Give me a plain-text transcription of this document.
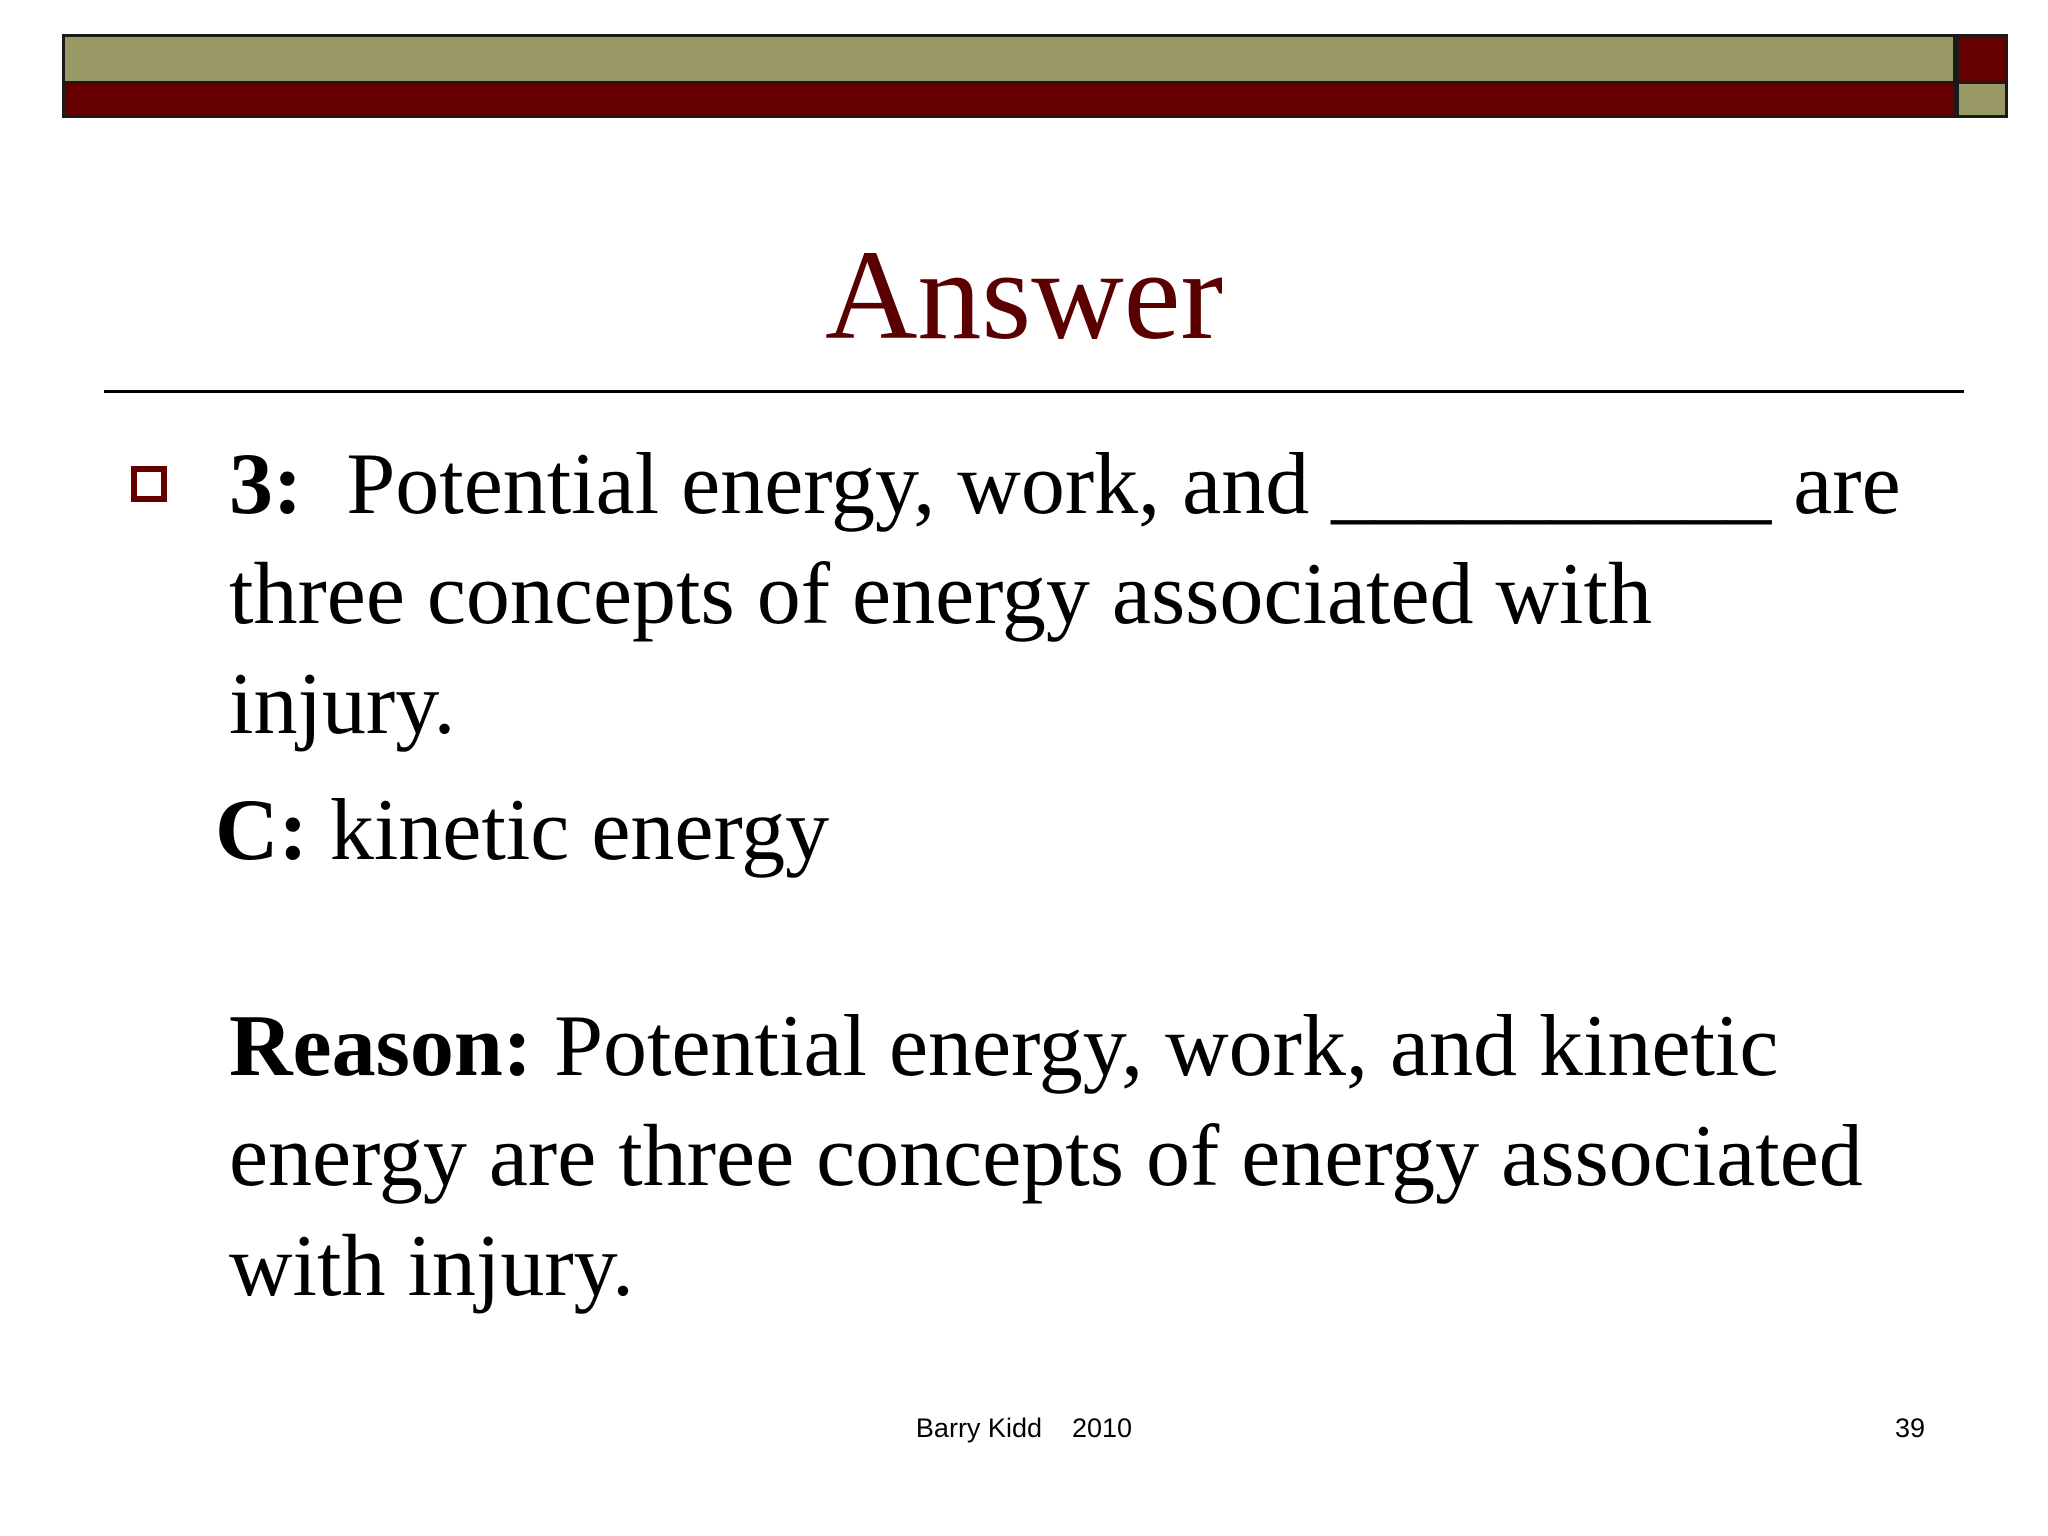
Answer
3: Potential energy, work, and __________ are
three concepts of energy associated with
injury.
C: kinetic energy
Reason: Potential energy, work, and kinetic
energy are three concepts of energy associated
with injury.
Barry Kidd 2010	39
